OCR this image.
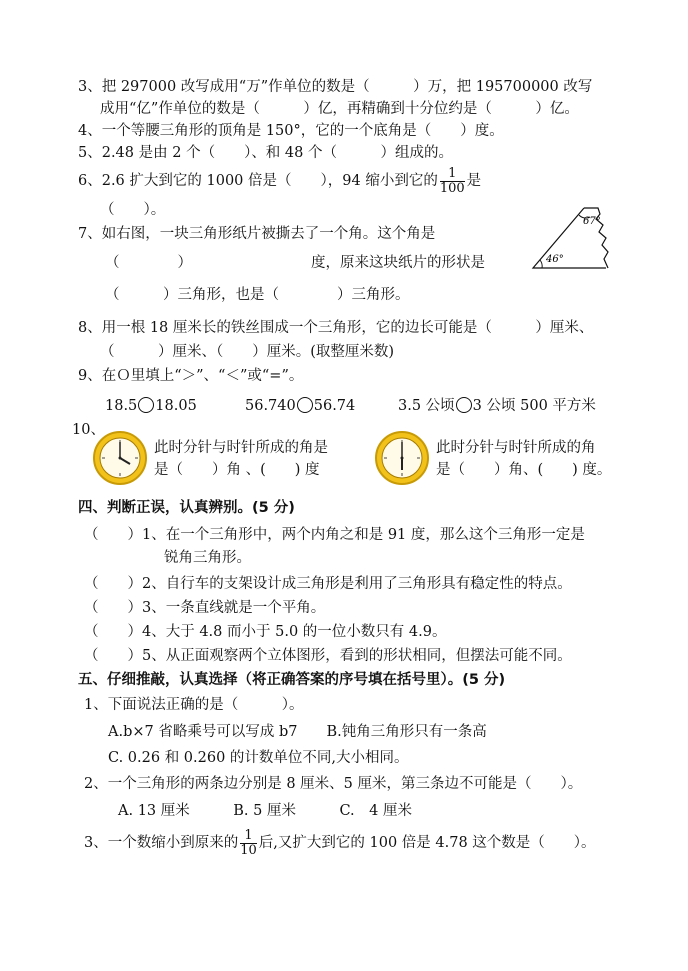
3、把 297000 改写成用“万”作单位的数是（　　　）万，把 195700000 改写
成用“亿”作单位的数是（　　　）亿，再精确到十分位约是（　　　）亿。
4、一个等腰三角形的顶角是 150°，它的一个底角是（　　）度。
5、2.48 是由 2 个（　　）、和 48 个（　　　）组成的。
6、2.6 扩大到它的 1000 倍是（　　），94 缩小到它的 $\frac{1}{100}$ 是
（　　）。
7、如右图，一块三角形纸片被撕去了一个角。这个角是
（　　　　）	度，原来这块纸片的形状是
（　　　）三角形，也是（　　　　）三角形。
46°
67°
8、用一根 18 厘米长的铁丝围成一个三角形，它的边长可能是（　　　）厘米、
（　　　）厘米、（　　）厘米。(取整厘米数)
9、在Ｏ里填上“＞”、“＜”或“=”。
18.5 18.05	56.740 56.74	3.5 公顷 3 公顷 500 平方米
10、
此时分针与时针所成的角是
是（　　）角 、(　　) 度
此时分针与时针所成的角
是（　　）角、(　　) 度。
四、判断正误，认真辨别。(5 分)
（　　）1、在一个三角形中，两个内角之和是 91 度，那么这个三角形一定是
锐角三角形。
（　　）2、自行车的支架设计成三角形是利用了三角形具有稳定性的特点。
（　　）3、一条直线就是一个平角。
（　　）4、大于 4.8 而小于 5.0 的一位小数只有 4.9。
（　　）5、从正面观察两个立体图形，看到的形状相同，但摆法可能不同。
五、仔细推敲，认真选择（将正确答案的序号填在括号里）。(5 分)
1、下面说法正确的是（　　　）。
A.b×7 省略乘号可以写成 b7　　B.钝角三角形只有一条高
C. 0.26 和 0.260 的计数单位不同,大小相同。
2、一个三角形的两条边分别是 8 厘米、5 厘米，第三条边不可能是（　　）。
A. 13 厘米　　　B. 5 厘米　　　C.　4 厘米
3、一个数缩小到原来的 $\frac{1}{10}$ 后,又扩大到它的 100 倍是 4.78 这个数是（　　）。
